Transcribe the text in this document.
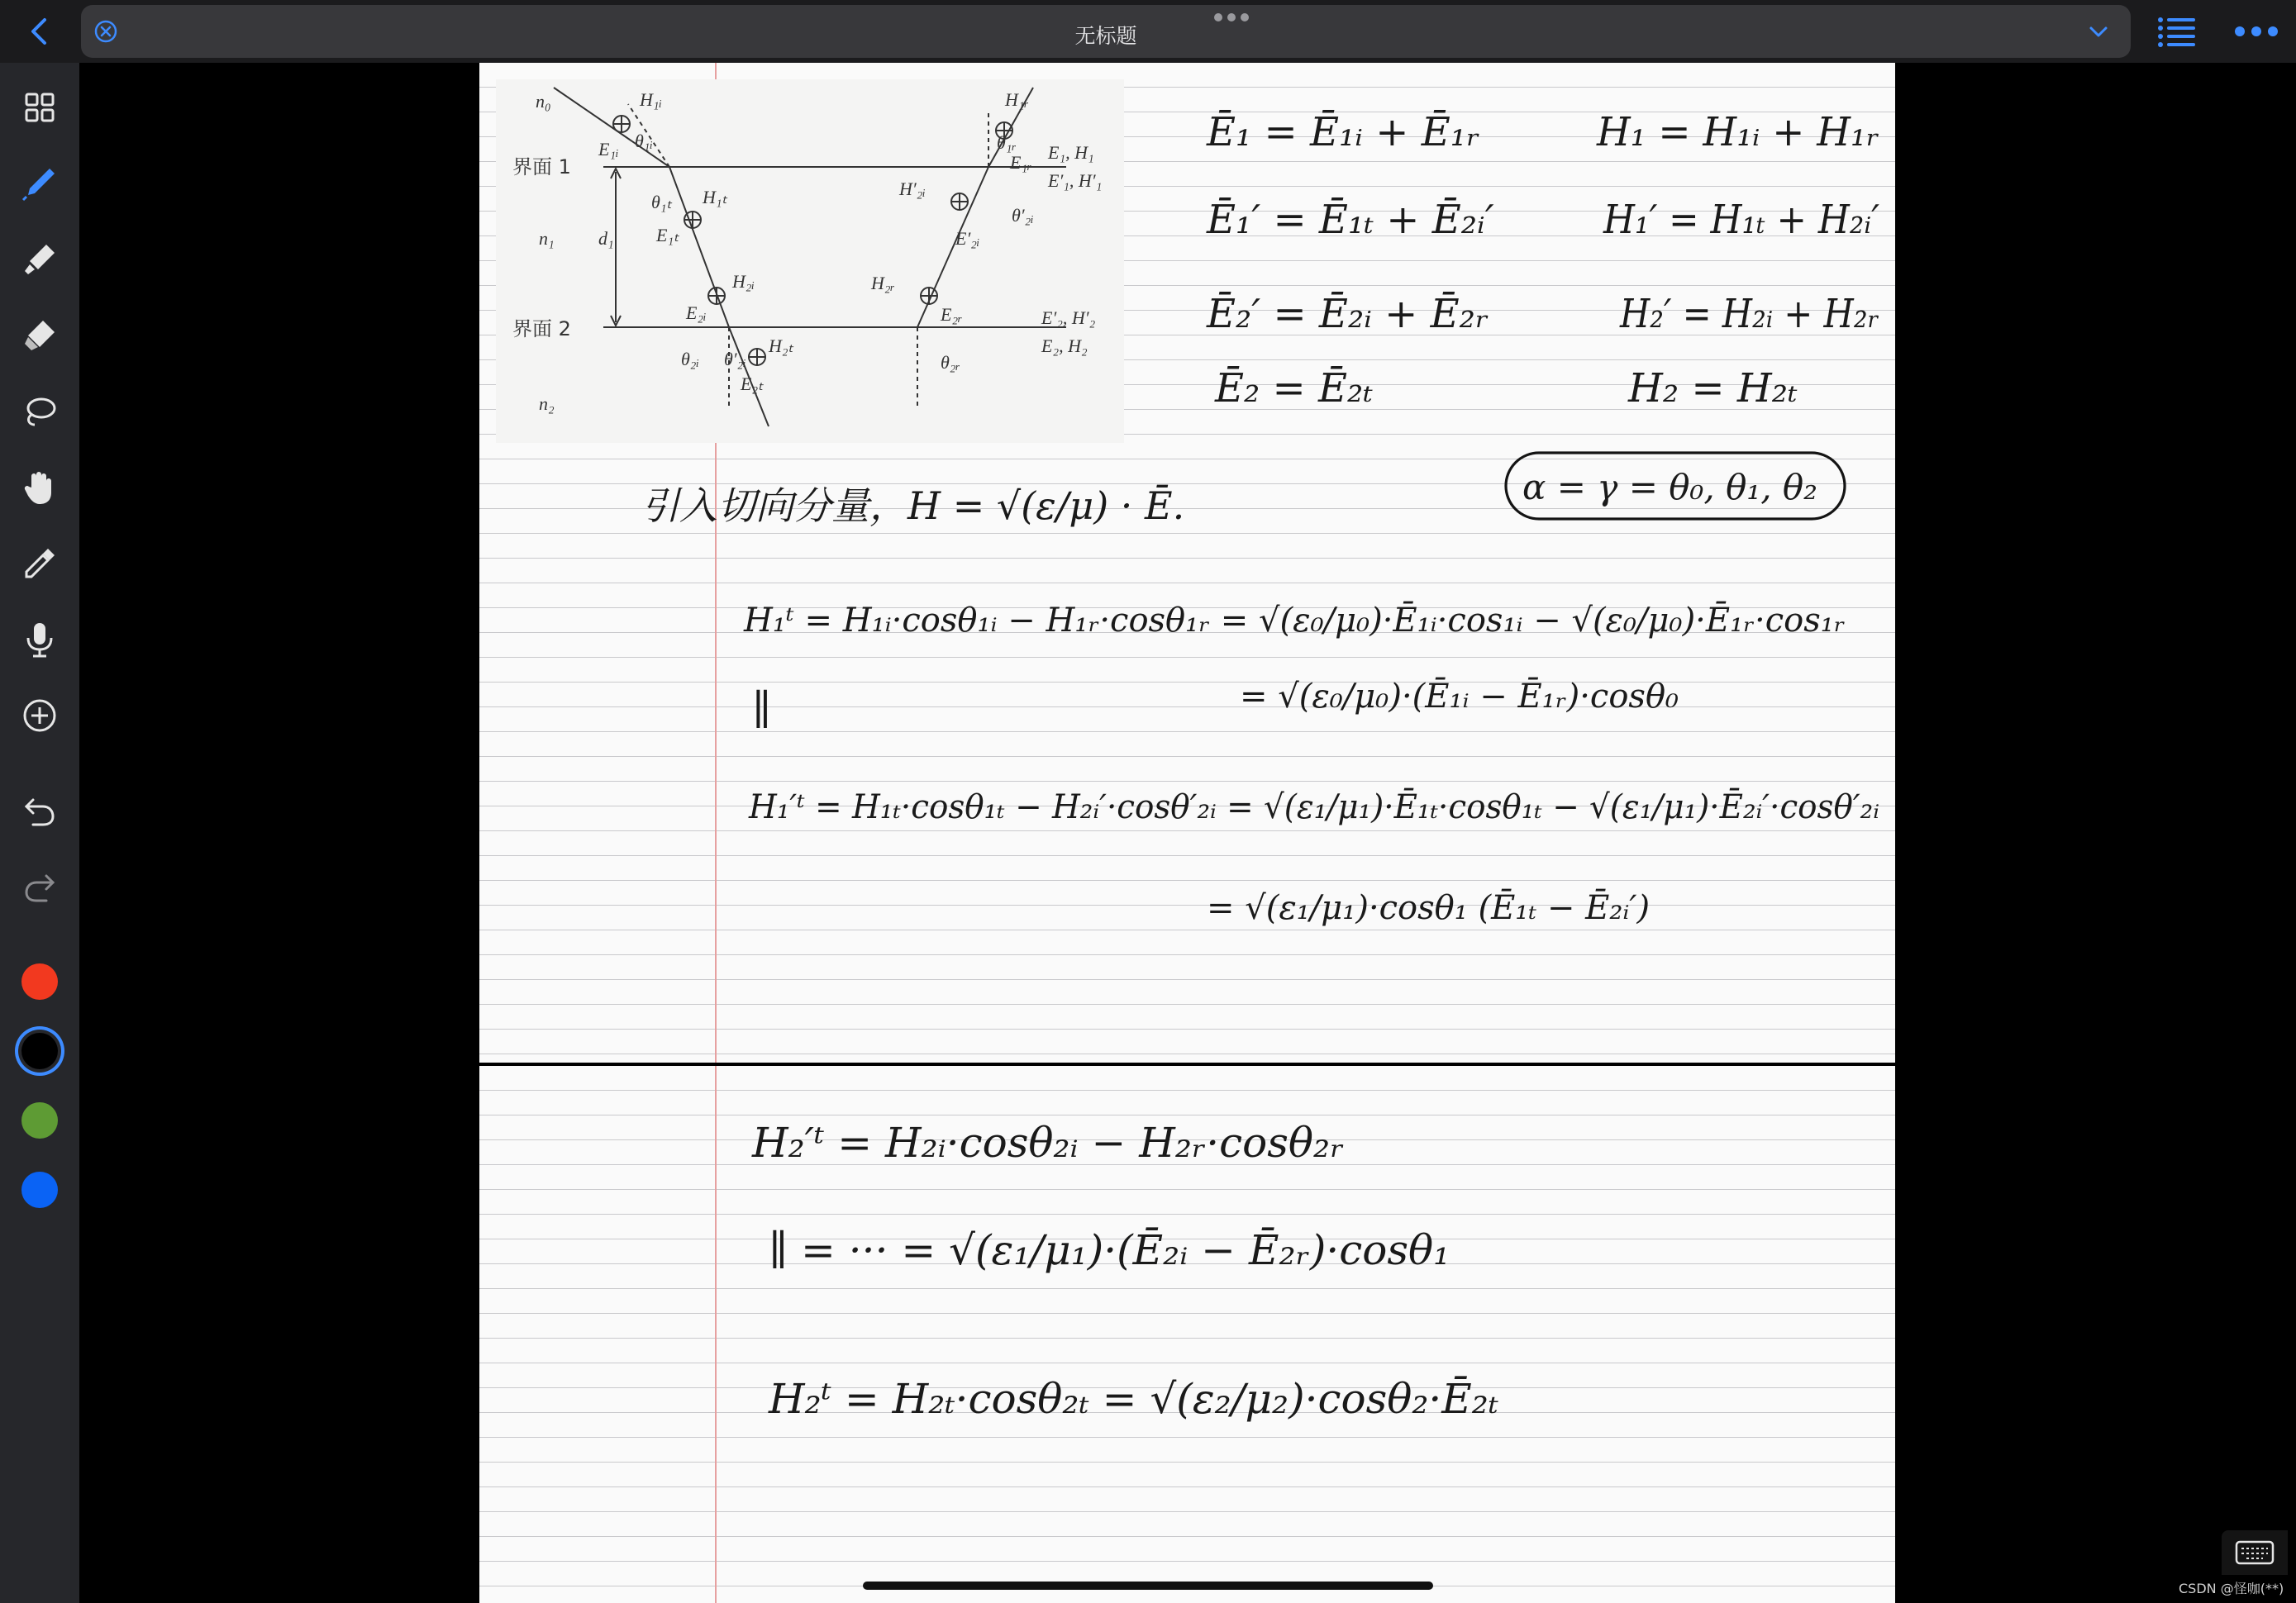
无标题
n₀
界面 1
n₁ d₁
界面 2
n₂
H₁ᵢ
E₁ᵢ θ₁ᵢ
H₁ᵣ
θ₁ᵣ
E₁ᵣ E₁, H₁
E′₁, H′₁
θ₁ₜ H₁ₜ
E₁ₜ
H′₂ᵢ
θ′₂ᵢ
E′₂ᵢ
H₂ᵢ
E₂ᵢ
H₂ᵣ
E₂ᵣ	E′₂, H′₂
E₂, H₂
θ₂ᵢ θ′₂ᵢ
H₂ₜ
E₂ₜ
θ₂ᵣ
Ē₁ = Ē₁ᵢ + Ē₁ᵣ	H₁ = H₁ᵢ + H₁ᵣ
Ē₁′ = Ē₁ₜ + Ē₂ᵢ′	H₁′ = H₁ₜ + H₂ᵢ′
Ē₂′ = Ē₂ᵢ + Ē₂ᵣ	H₂′ = H₂ᵢ + H₂ᵣ
Ē₂ = Ē₂ₜ	H₂ = H₂ₜ
引入切向分量，H = √(ε/μ) · Ē.	α = γ = θ₀, θ₁, θ₂
H₁ᵗ = H₁ᵢ·cosθ₁ᵢ − H₁ᵣ·cosθ₁ᵣ = √(ε₀/μ₀)·Ē₁ᵢ·cos₁ᵢ − √(ε₀/μ₀)·Ē₁ᵣ·cos₁ᵣ
= √(ε₀/μ₀)·(Ē₁ᵢ − Ē₁ᵣ)·cosθ₀
∥
H₁′ᵗ = H₁ₜ·cosθ₁ₜ − H₂ᵢ′·cosθ′₂ᵢ = √(ε₁/μ₁)·Ē₁ₜ·cosθ₁ₜ − √(ε₁/μ₁)·Ē₂ᵢ′·cosθ′₂ᵢ
= √(ε₁/μ₁)·cosθ₁ (Ē₁ₜ − Ē₂ᵢ′)
H₂′ᵗ = H₂ᵢ·cosθ₂ᵢ − H₂ᵣ·cosθ₂ᵣ
∥ = ··· = √(ε₁/μ₁)·(Ē₂ᵢ − Ē₂ᵣ)·cosθ₁
H₂ᵗ = H₂ₜ·cosθ₂ₜ = √(ε₂/μ₂)·cosθ₂·Ē₂ₜ
CSDN @怪咖(**)
